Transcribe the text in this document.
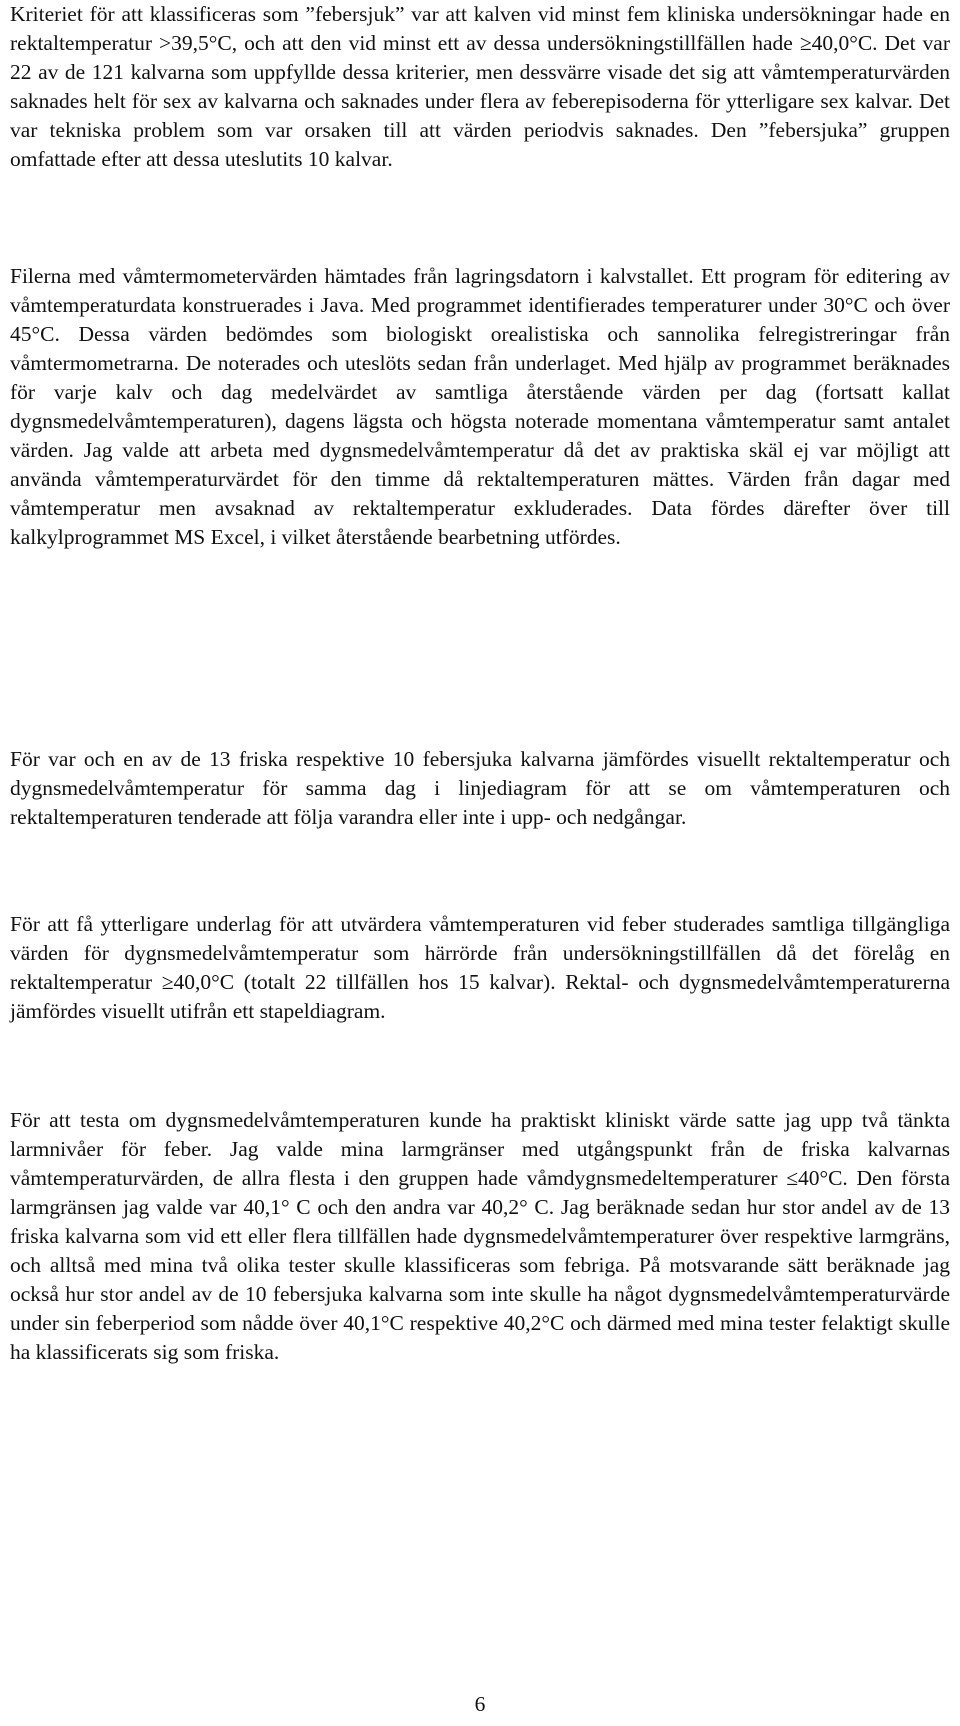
Kriteriet för att klassificeras som ”febersjuk” var att kalven vid minst fem kliniska undersökningar hade en rektaltemperatur >39,5°C, och att den vid minst ett av dessa undersökningstillfällen hade ≥40,0°C. Det var 22 av de 121 kalvarna som uppfyllde dessa kriterier, men dessvärre visade det sig att våmtemperaturvärden saknades helt för sex av kalvarna och saknades under flera av feberepisoderna för ytterligare sex kalvar. Det var tekniska problem som var orsaken till att värden periodvis saknades. Den ”febersjuka” gruppen omfattade efter att dessa uteslutits 10 kalvar.

Filerna med våmtermometervärden hämtades från lagringsdatorn i kalvstallet. Ett program för editering av våmtemperaturdata konstruerades i Java. Med programmet identifierades temperaturer under 30°C och över 45°C. Dessa värden bedömdes som biologiskt orealistiska och sannolika felregistreringar från våmtermometrarna. De noterades och uteslöts sedan från underlaget. Med hjälp av programmet beräknades för varje kalv och dag medelvärdet av samtliga återstående värden per dag (fortsatt kallat dygnsmedelvåmtemperaturen), dagens lägsta och högsta noterade momentana våmtemperatur samt antalet värden. Jag valde att arbeta med dygnsmedelvåmtemperatur då det av praktiska skäl ej var möjligt att använda våmtemperaturvärdet för den timme då rektaltemperaturen mättes. Värden från dagar med våmtemperatur men avsaknad av rektaltemperatur exkluderades. Data fördes därefter över till kalkylprogrammet MS Excel, i vilket återstående bearbetning utfördes.

För var och en av de 13 friska respektive 10 febersjuka kalvarna jämfördes visuellt rektaltemperatur och dygnsmedelvåmtemperatur för samma dag i linjediagram för att se om våmtemperaturen och rektaltemperaturen tenderade att följa varandra eller inte i upp- och nedgångar.

För att få ytterligare underlag för att utvärdera våmtemperaturen vid feber studerades samtliga tillgängliga värden för dygnsmedelvåmtemperatur som härrörde från undersökningstillfällen då det förelåg en rektaltemperatur ≥40,0°C (totalt 22 tillfällen hos 15 kalvar). Rektal- och dygnsmedelvåmtemperaturerna jämfördes visuellt utifrån ett stapeldiagram.

För att testa om dygnsmedelvåmtemperaturen kunde ha praktiskt kliniskt värde satte jag upp två tänkta larmnivåer för feber. Jag valde mina larmgränser med utgångspunkt från de friska kalvarnas våmtemperaturvärden, de allra flesta i den gruppen hade våmdygnsmedeltemperaturer ≤40°C. Den första larmgränsen jag valde var 40,1° C och den andra var 40,2° C. Jag beräknade sedan hur stor andel av de 13 friska kalvarna som vid ett eller flera tillfällen hade dygnsmedelvåmtemperaturer över respektive larmgräns, och alltså med mina två olika tester skulle klassificeras som febriga. På motsvarande sätt beräknade jag också hur stor andel av de 10 febersjuka kalvarna som inte skulle ha något dygnsmedelvåmtemperaturvärde under sin feberperiod som nådde över 40,1°C respektive 40,2°C och därmed med mina tester felaktigt skulle ha klassificerats sig som friska.

6
